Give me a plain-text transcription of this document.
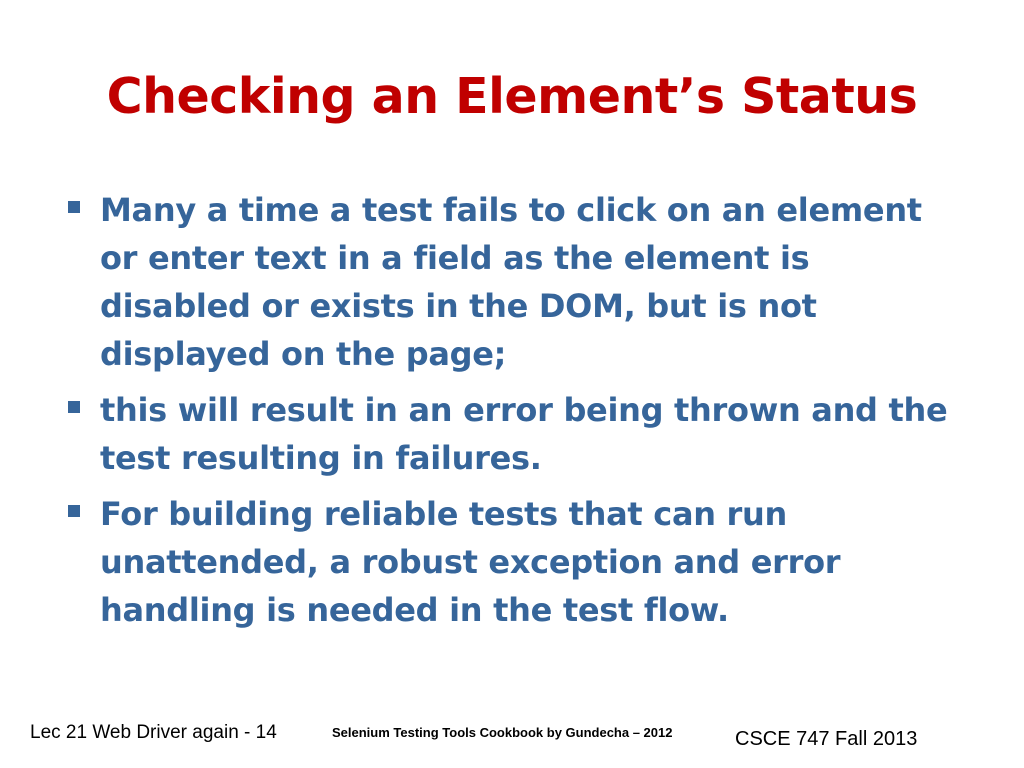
Checking an Element’s Status
Many a time a test fails to click on an element or enter text in a field as the element is disabled or exists in the DOM, but is not displayed on the page;
this will result in an error being thrown and the test resulting in failures.
For building reliable tests that can run unattended, a robust exception and error handling is needed in the test flow.
Lec 21 Web Driver again - 14	Selenium Testing Tools Cookbook by Gundecha – 2012	CSCE 747 Fall 2013
